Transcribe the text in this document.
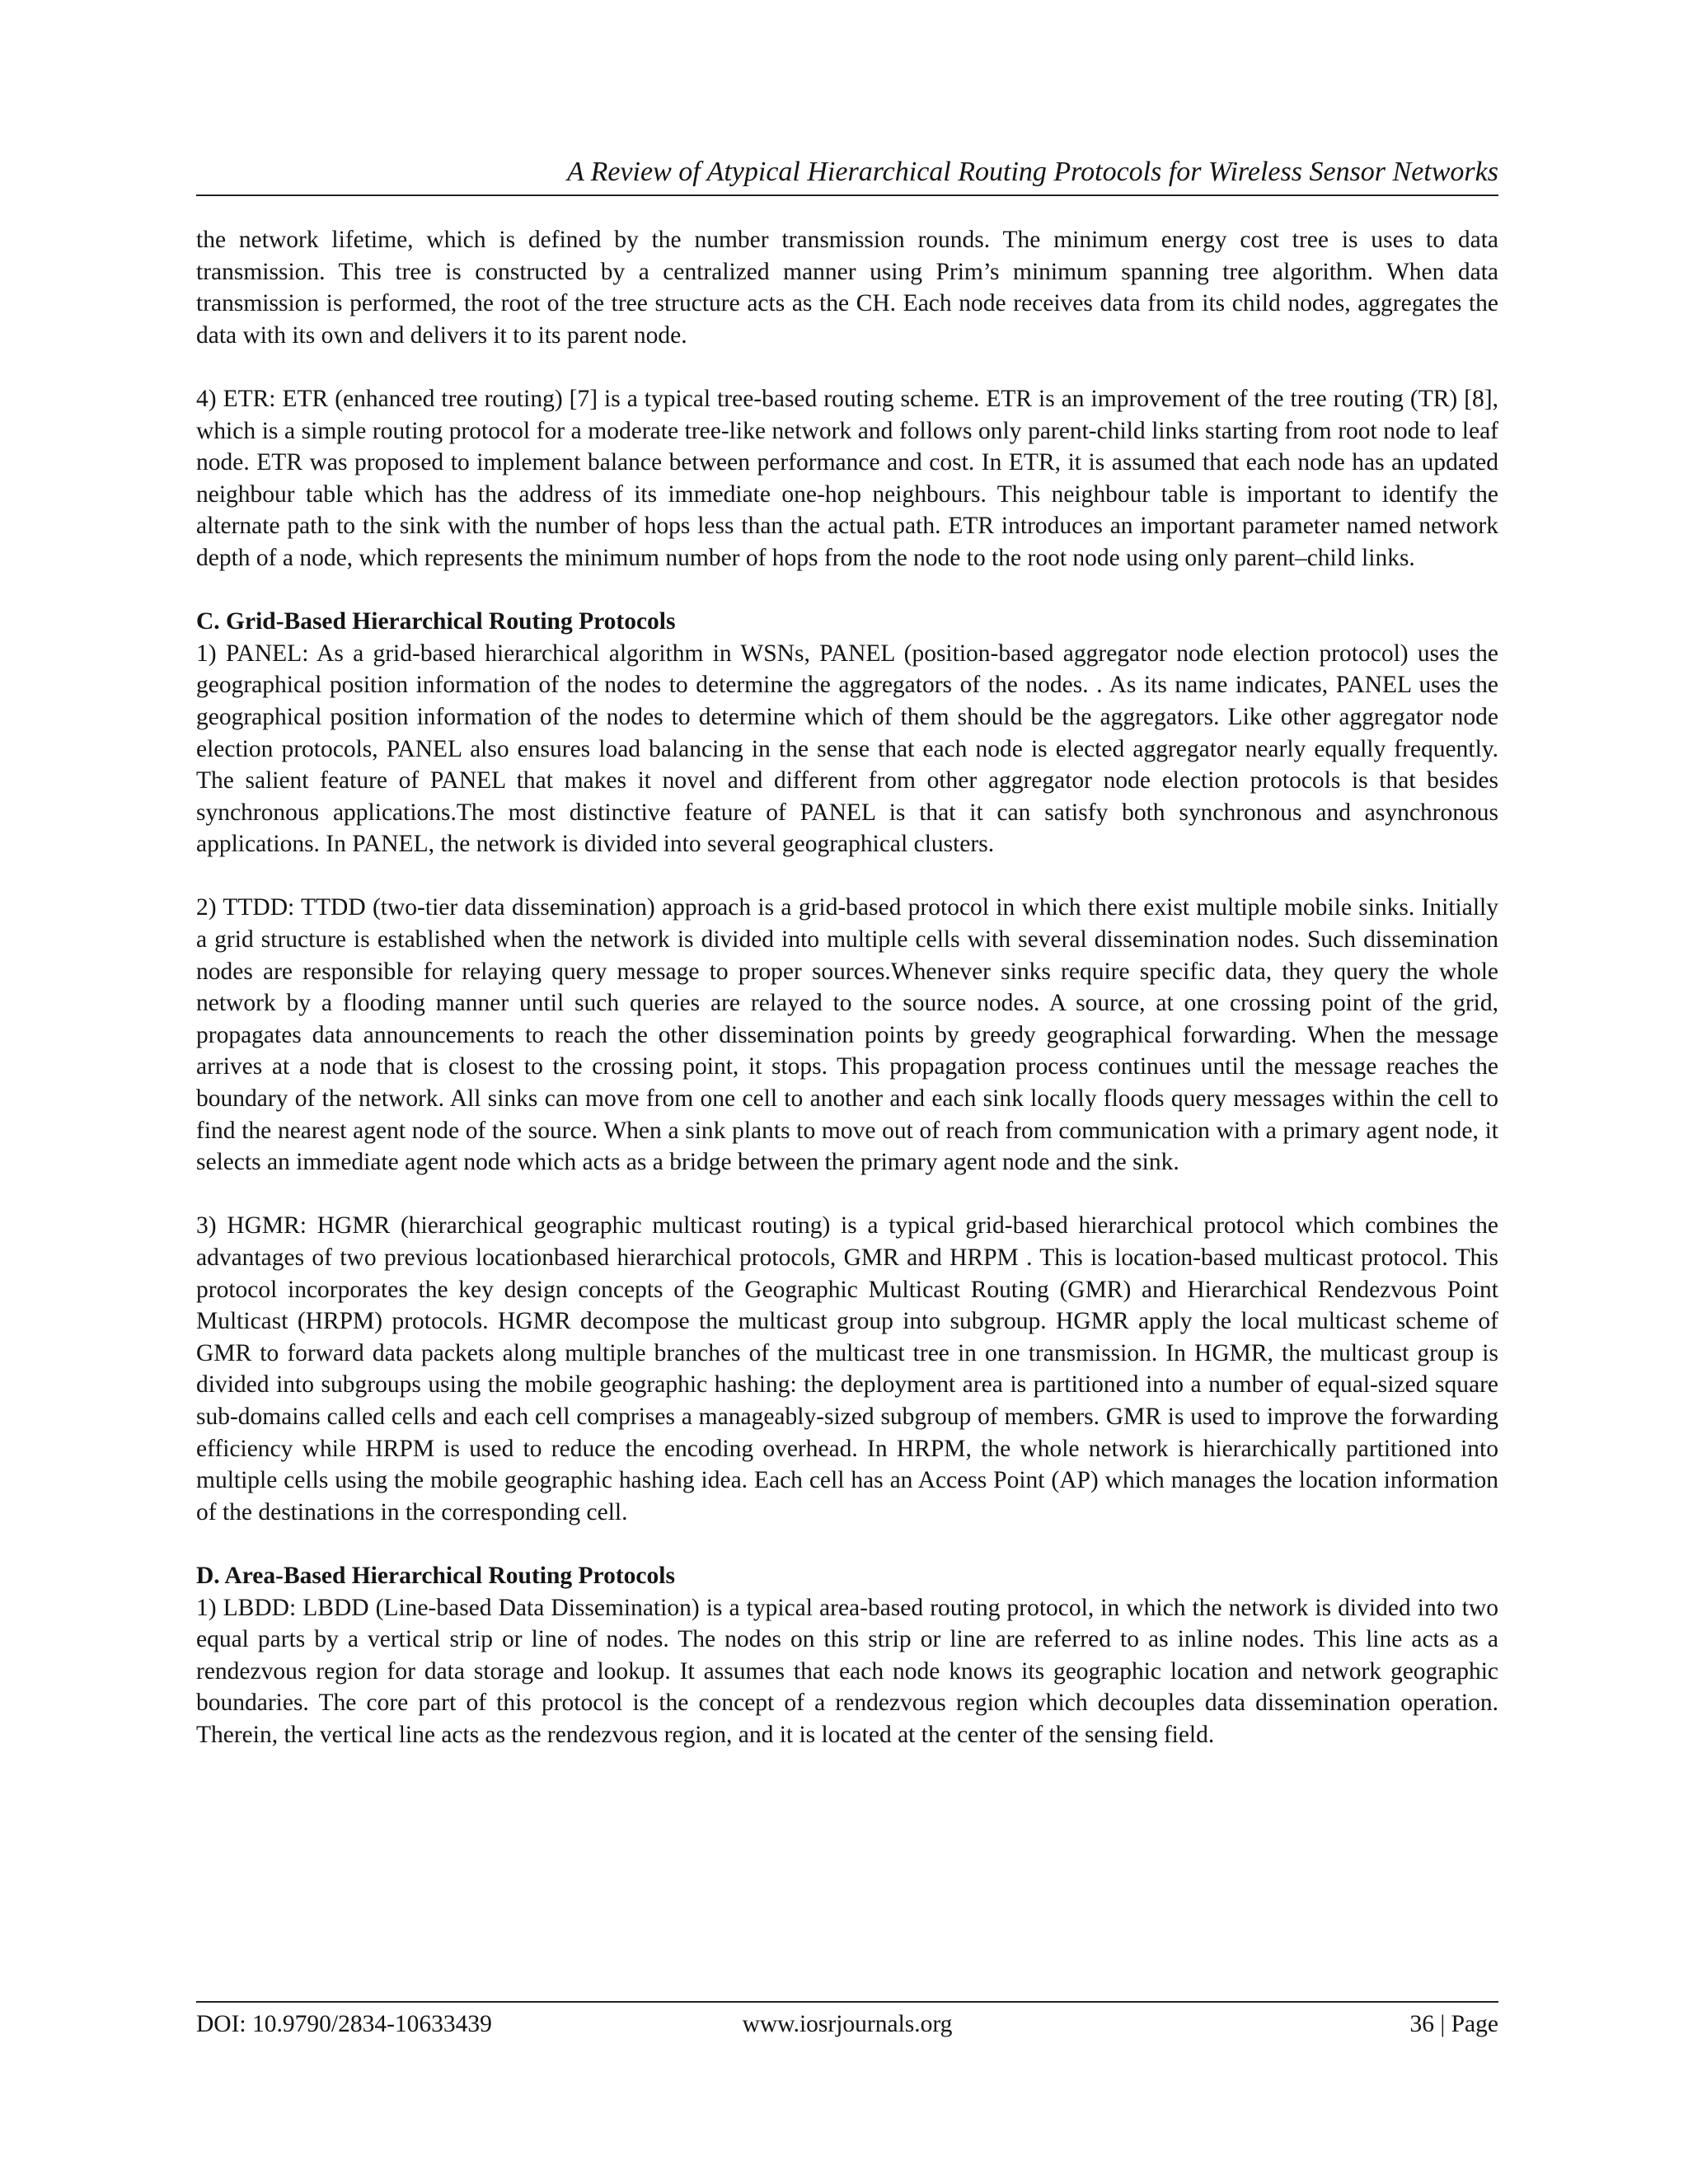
A Review of Atypical Hierarchical Routing Protocols for Wireless Sensor Networks

the network lifetime, which is defined by the number transmission rounds. The minimum energy cost tree is uses to data transmission. This tree is constructed by a centralized manner using Prim’s minimum spanning tree algorithm. When data transmission is performed, the root of the tree structure acts as the CH. Each node receives data from its child nodes, aggregates the data with its own and delivers it to its parent node.

4) ETR: ETR (enhanced tree routing) [7] is a typical tree-based routing scheme. ETR is an improvement of the tree routing (TR) [8], which is a simple routing protocol for a moderate tree-like network and follows only parent-child links starting from root node to leaf node. ETR was proposed to implement balance between performance and cost. In ETR, it is assumed that each node has an updated neighbour table which has the address of its immediate one-hop neighbours. This neighbour table is important to identify the alternate path to the sink with the number of hops less than the actual path. ETR introduces an important parameter named network depth of a node, which represents the minimum number of hops from the node to the root node using only parent–child links.

C. Grid-Based Hierarchical Routing Protocols

1) PANEL: As a grid-based hierarchical algorithm in WSNs, PANEL (position-based aggregator node election protocol) uses the geographical position information of the nodes to determine the aggregators of the nodes. . As its name indicates, PANEL uses the geographical position information of the nodes to determine which of them should be the aggregators. Like other aggregator node election protocols, PANEL also ensures load balancing in the sense that each node is elected aggregator nearly equally frequently. The salient feature of PANEL that makes it novel and different from other aggregator node election protocols is that besides synchronous applications.The most distinctive feature of PANEL is that it can satisfy both synchronous and asynchronous applications. In PANEL, the network is divided into several geographical clusters.

2) TTDD: TTDD (two-tier data dissemination) approach is a grid-based protocol in which there exist multiple mobile sinks. Initially a grid structure is established when the network is divided into multiple cells with several dissemination nodes. Such dissemination nodes are responsible for relaying query message to proper sources.Whenever sinks require specific data, they query the whole network by a flooding manner until such queries are relayed to the source nodes. A source, at one crossing point of the grid, propagates data announcements to reach the other dissemination points by greedy geographical forwarding. When the message arrives at a node that is closest to the crossing point, it stops. This propagation process continues until the message reaches the boundary of the network. All sinks can move from one cell to another and each sink locally floods query messages within the cell to find the nearest agent node of the source. When a sink plants to move out of reach from communication with a primary agent node, it selects an immediate agent node which acts as a bridge between the primary agent node and the sink.

3) HGMR: HGMR (hierarchical geographic multicast routing) is a typical grid-based hierarchical protocol which combines the advantages of two previous locationbased hierarchical protocols, GMR and HRPM . This is location-based multicast protocol. This protocol incorporates the key design concepts of the Geographic Multicast Routing (GMR) and Hierarchical Rendezvous Point Multicast (HRPM) protocols. HGMR decompose the multicast group into subgroup. HGMR apply the local multicast scheme of GMR to forward data packets along multiple branches of the multicast tree in one transmission. In HGMR, the multicast group is divided into subgroups using the mobile geographic hashing: the deployment area is partitioned into a number of equal-sized square sub-domains called cells and each cell comprises a manageably-sized subgroup of members. GMR is used to improve the forwarding efficiency while HRPM is used to reduce the encoding overhead. In HRPM, the whole network is hierarchically partitioned into multiple cells using the mobile geographic hashing idea. Each cell has an Access Point (AP) which manages the location information of the destinations in the corresponding cell.

D. Area-Based Hierarchical Routing Protocols

1) LBDD: LBDD (Line-based Data Dissemination) is a typical area-based routing protocol, in which the network is divided into two equal parts by a vertical strip or line of nodes. The nodes on this strip or line are referred to as inline nodes. This line acts as a rendezvous region for data storage and lookup. It assumes that each node knows its geographic location and network geographic boundaries. The core part of this protocol is the concept of a rendezvous region which decouples data dissemination operation. Therein, the vertical line acts as the rendezvous region, and it is located at the center of the sensing field.

DOI: 10.9790/2834-10633439	www.iosrjournals.org	36 | Page
